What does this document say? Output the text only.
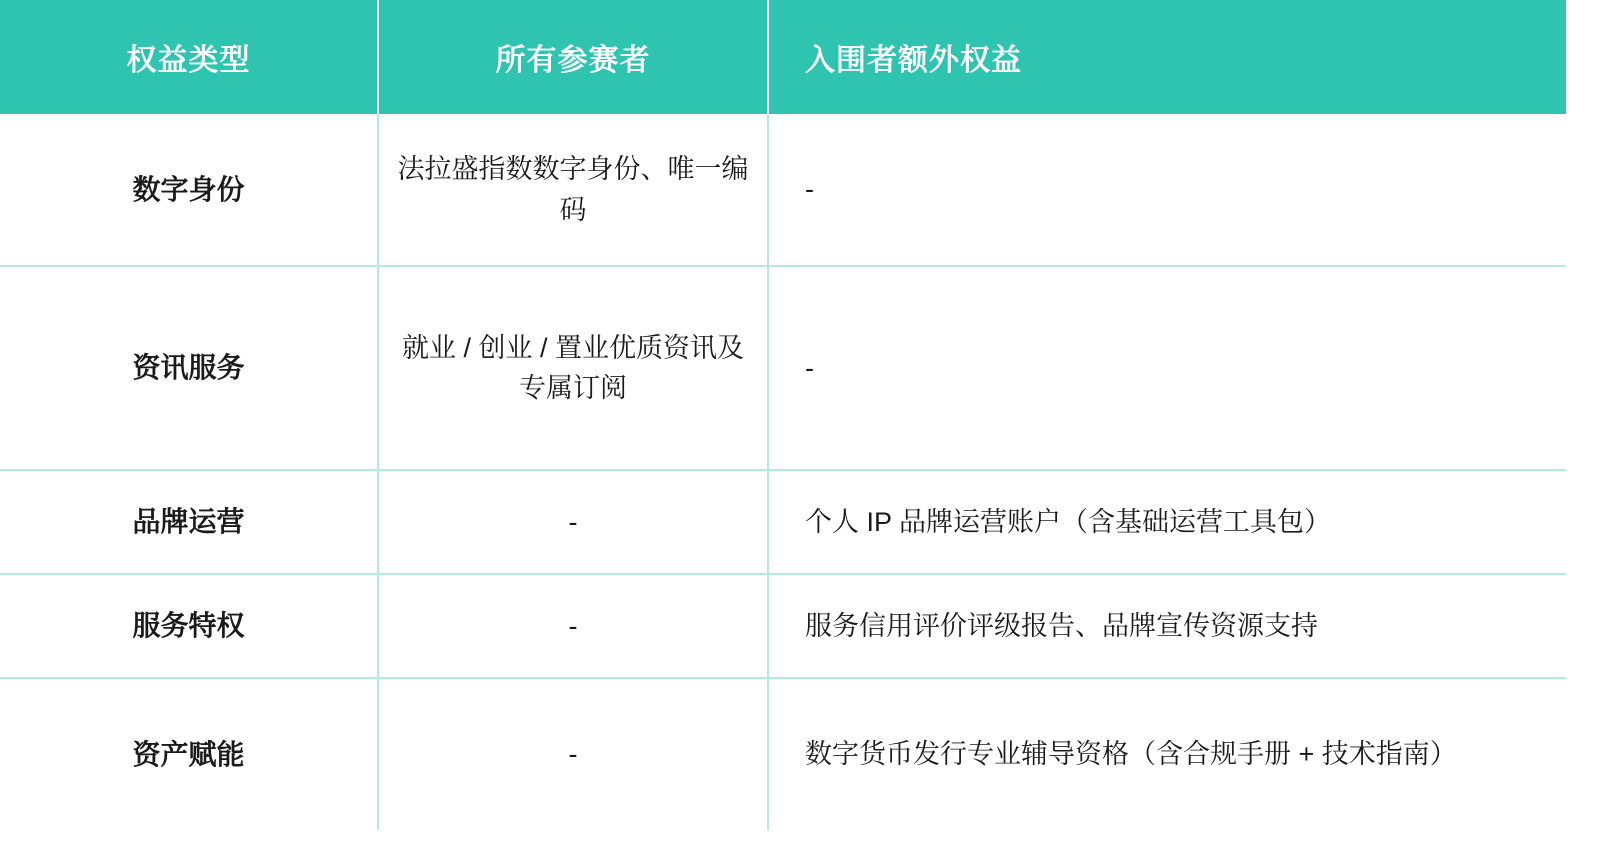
权益类型	所有参赛者	入围者额外权益
数字身份	法拉盛指数数字身份、唯一编码	-
资讯服务	就业 / 创业 / 置业优质资讯及专属订阅	-
品牌运营	-	个人 IP 品牌运营账户（含基础运营工具包）
服务特权	-	服务信用评价评级报告、品牌宣传资源支持
资产赋能	-	数字货币发行专业辅导资格（含合规手册 + 技术指南）
